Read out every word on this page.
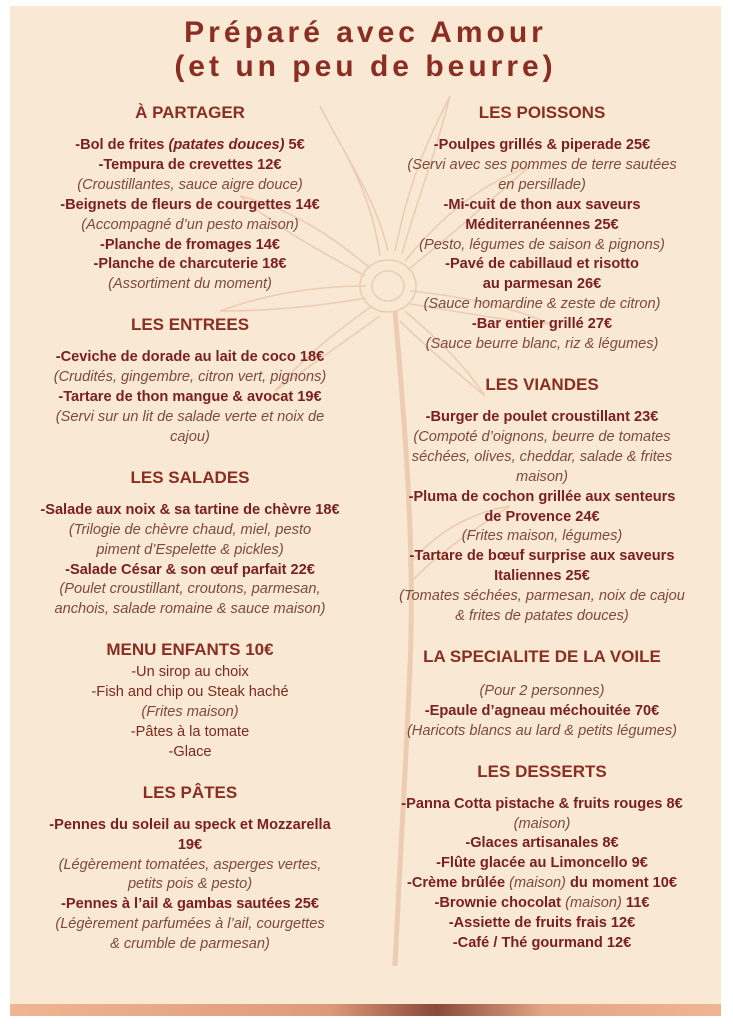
Préparé avec Amour
(et un peu de beurre)
À PARTAGER
-Bol de frites (patates douces) 5€
-Tempura de crevettes 12€
(Croustillantes, sauce aigre douce)
-Beignets de fleurs de courgettes 14€
(Accompagné d’un pesto maison)
-Planche de fromages 14€
-Planche de charcuterie 18€
(Assortiment du moment)
LES ENTREES
-Ceviche de dorade au lait de coco 18€
(Crudités, gingembre, citron vert, pignons)
-Tartare de thon mangue & avocat 19€
(Servi sur un lit de salade verte et noix de
cajou)
LES SALADES
-Salade aux noix & sa tartine de chèvre 18€
(Trilogie de chèvre chaud, miel, pesto
piment d’Espelette & pickles)
-Salade César & son œuf parfait 22€
(Poulet croustillant, croutons, parmesan,
anchois, salade romaine & sauce maison)
MENU ENFANTS 10€
-Un sirop au choix
-Fish and chip ou Steak haché
(Frites maison)
-Pâtes à la tomate
-Glace
LES PÂTES
-Pennes du soleil au speck et Mozzarella
19€
(Légèrement tomatées, asperges vertes,
petits pois & pesto)
-Pennes à l’ail & gambas sautées 25€
(Légèrement parfumées à l’ail, courgettes
& crumble de parmesan)
LES POISSONS
-Poulpes grillés & piperade 25€
(Servi avec ses pommes de terre sautées
en persillade)
-Mi-cuit de thon aux saveurs
Méditerranéennes 25€
(Pesto, légumes de saison & pignons)
-Pavé de cabillaud et risotto
au parmesan 26€
(Sauce homardine & zeste de citron)
-Bar entier grillé 27€
(Sauce beurre blanc, riz & légumes)
LES VIANDES
-Burger de poulet croustillant 23€
(Compoté d’oignons, beurre de tomates
séchées, olives, cheddar, salade & frites
maison)
-Pluma de cochon grillée aux senteurs
de Provence 24€
(Frites maison, légumes)
-Tartare de bœuf surprise aux saveurs
Italiennes 25€
(Tomates séchées, parmesan, noix de cajou
& frites de patates douces)
LA SPECIALITE DE LA VOILE
(Pour 2 personnes)
-Epaule d’agneau méchouitée 70€
(Haricots blancs au lard & petits légumes)
LES DESSERTS
-Panna Cotta pistache & fruits rouges 8€
(maison)
-Glaces artisanales 8€
-Flûte glacée au Limoncello 9€
-Crème brûlée (maison) du moment 10€
-Brownie chocolat (maison) 11€
-Assiette de fruits frais 12€
-Café / Thé gourmand 12€
